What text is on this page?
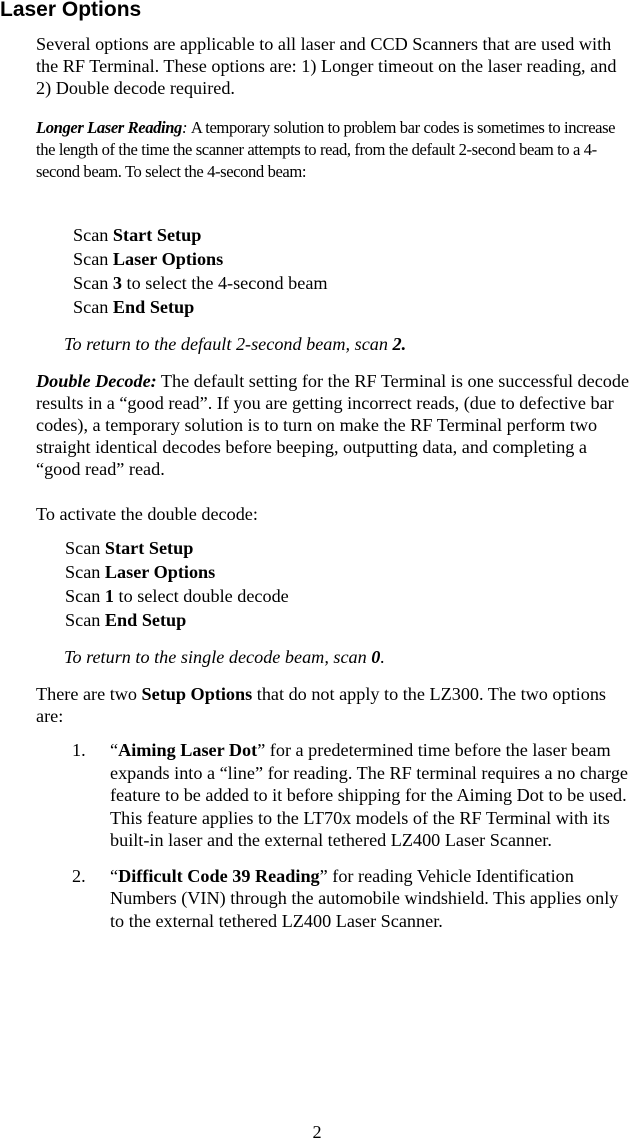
Laser Options

Several options are applicable to all laser and CCD Scanners that are used with the RF Terminal. These options are: 1) Longer timeout on the laser reading, and 2) Double decode required.

Longer Laser Reading: A temporary solution to problem bar codes is sometimes to increase the length of the time the scanner attempts to read, from the default 2-second beam to a 4-second beam. To select the 4-second beam:

Scan Start Setup
Scan Laser Options
Scan 3 to select the 4-second beam
Scan End Setup

To return to the default 2-second beam, scan 2.

Double Decode: The default setting for the RF Terminal is one successful decode results in a “good read”. If you are getting incorrect reads, (due to defective bar codes), a temporary solution is to turn on make the RF Terminal perform two straight identical decodes before beeping, outputting data, and completing a “good read” read.

To activate the double decode:

Scan Start Setup
Scan Laser Options
Scan 1 to select double decode
Scan End Setup

To return to the single decode beam, scan 0.

There are two Setup Options that do not apply to the LZ300. The two options are:

1. “Aiming Laser Dot” for a predetermined time before the laser beam expands into a “line” for reading. The RF terminal requires a no charge feature to be added to it before shipping for the Aiming Dot to be used. This feature applies to the LT70x models of the RF Terminal with its built-in laser and the external tethered LZ400 Laser Scanner.
2. “Difficult Code 39 Reading” for reading Vehicle Identification Numbers (VIN) through the automobile windshield. This applies only to the external tethered LZ400 Laser Scanner.
2
